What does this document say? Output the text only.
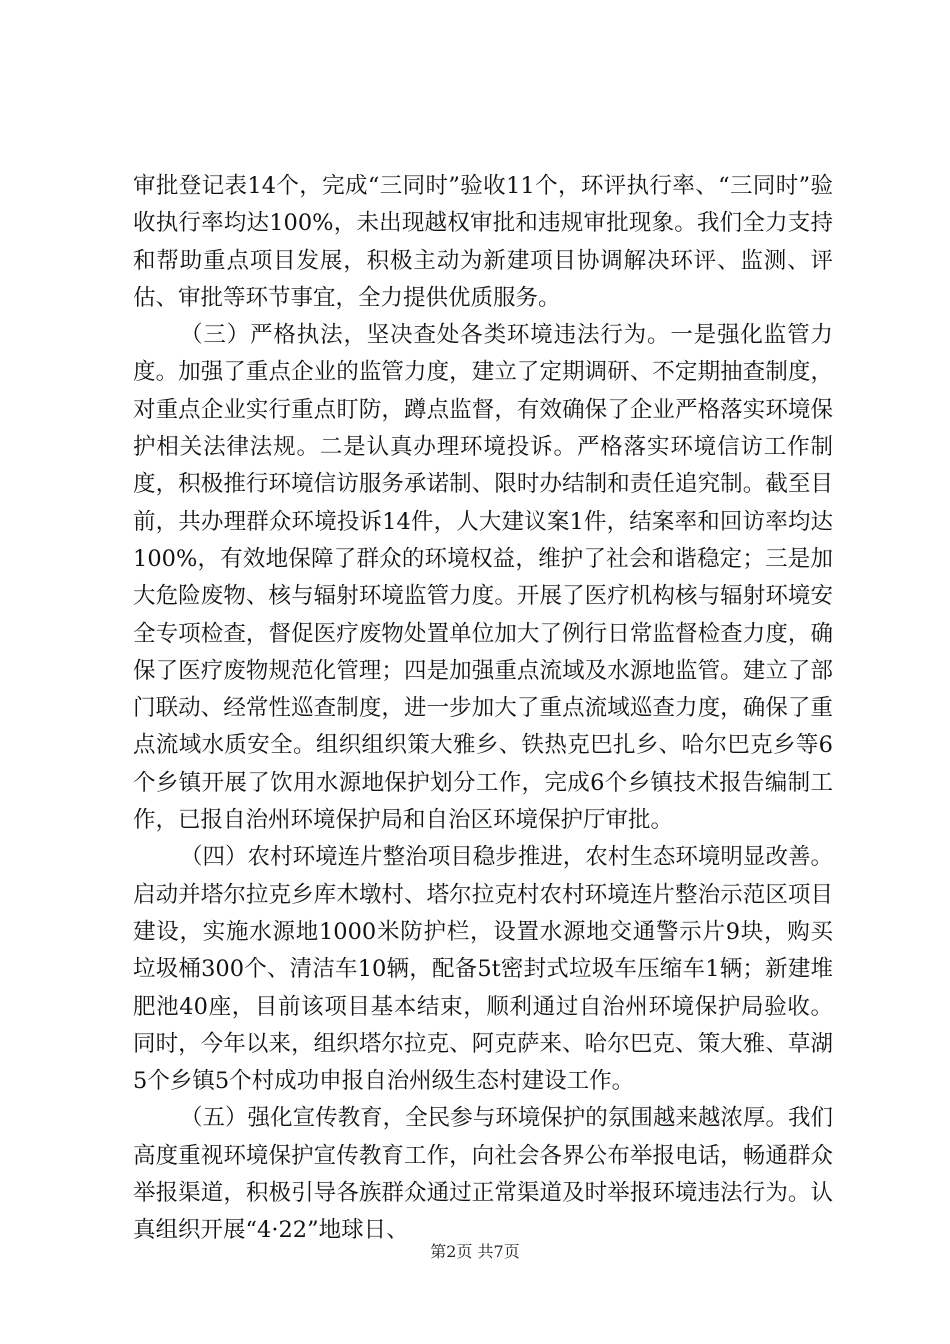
审批登记表14个，完成“三同时”验收11个，环评执行率、“三同时”验收执行率均达100%，未出现越权审批和违规审批现象。我们全力支持和帮助重点项目发展，积极主动为新建项目协调解决环评、监测、评估、审批等环节事宜，全力提供优质服务。

（三）严格执法，坚决查处各类环境违法行为。一是强化监管力度。加强了重点企业的监管力度，建立了定期调研、不定期抽查制度，对重点企业实行重点盯防，蹲点监督，有效确保了企业严格落实环境保护相关法律法规。二是认真办理环境投诉。严格落实环境信访工作制度，积极推行环境信访服务承诺制、限时办结制和责任追究制。截至目前，共办理群众环境投诉14件，人大建议案1件，结案率和回访率均达100%，有效地保障了群众的环境权益，维护了社会和谐稳定；三是加大危险废物、核与辐射环境监管力度。开展了医疗机构核与辐射环境安全专项检查，督促医疗废物处置单位加大了例行日常监督检查力度，确保了医疗废物规范化管理；四是加强重点流域及水源地监管。建立了部门联动、经常性巡查制度，进一步加大了重点流域巡查力度，确保了重点流域水质安全。组织组织策大雅乡、铁热克巴扎乡、哈尔巴克乡等6个乡镇开展了饮用水源地保护划分工作，完成6个乡镇技术报告编制工作，已报自治州环境保护局和自治区环境保护厅审批。

（四）农村环境连片整治项目稳步推进，农村生态环境明显改善。启动并塔尔拉克乡库木墩村、塔尔拉克村农村环境连片整治示范区项目建设，实施水源地1000米防护栏，设置水源地交通警示片9块，购买垃圾桶300个、清洁车10辆，配备5t密封式垃圾车压缩车1辆；新建堆肥池40座，目前该项目基本结束，顺利通过自治州环境保护局验收。同时，今年以来，组织塔尔拉克、阿克萨来、哈尔巴克、策大雅、草湖5个乡镇5个村成功申报自治州级生态村建设工作。

（五）强化宣传教育，全民参与环境保护的氛围越来越浓厚。我们高度重视环境保护宣传教育工作，向社会各界公布举报电话，畅通群众举报渠道，积极引导各族群众通过正常渠道及时举报环境违法行为。认真组织开展“4·22”地球日、

第2页 共7页
